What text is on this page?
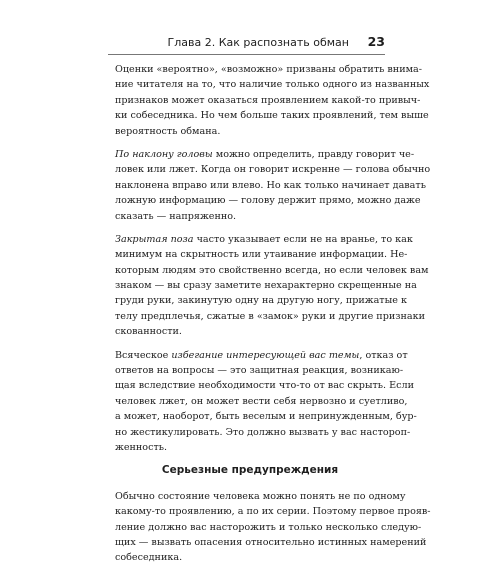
Глава 2. Как распознать обман 23
Оценки «вероятно», «возможно» призваны обратить внима-
ние читателя на то, что наличие только одного из названных
признаков может оказаться проявлением какой-то привыч-
ки собеседника. Но чем больше таких проявлений, тем выше
вероятность обмана.
По наклону головы можно определить, правду говорит че-
ловек или лжет. Когда он говорит искренне — голова обычно
наклонена вправо или влево. Но как только начинает давать
ложную информацию — голову держит прямо, можно даже
сказать — напряженно.
Закрытая поза часто указывает если не на вранье, то как
минимум на скрытность или утаивание информации. Не-
которым людям это свойственно всегда, но если человек вам
знаком — вы сразу заметите нехарактерно скрещенные на
груди руки, закинутую одну на другую ногу, прижатые к
телу предплечья, сжатые в «замок» руки и другие признаки
скованности.
Всяческое избегание интересующей вас темы, отказ от
ответов на вопросы — это защитная реакция, возникаю-
щая вследствие необходимости что-то от вас скрыть. Если
человек лжет, он может вести себя нервозно и суетливо,
а может, наоборот, быть веселым и непринужденным, бур-
но жестикулировать. Это должно вызвать у вас настороп-
женность.
Серьезные предупреждения
Обычно состояние человека можно понять не по одному
какому-то проявлению, а по их серии. Поэтому первое прояв-
ление должно вас насторожить и только несколько следую-
щих — вызвать опасения относительно истинных намерений
собеседника.
